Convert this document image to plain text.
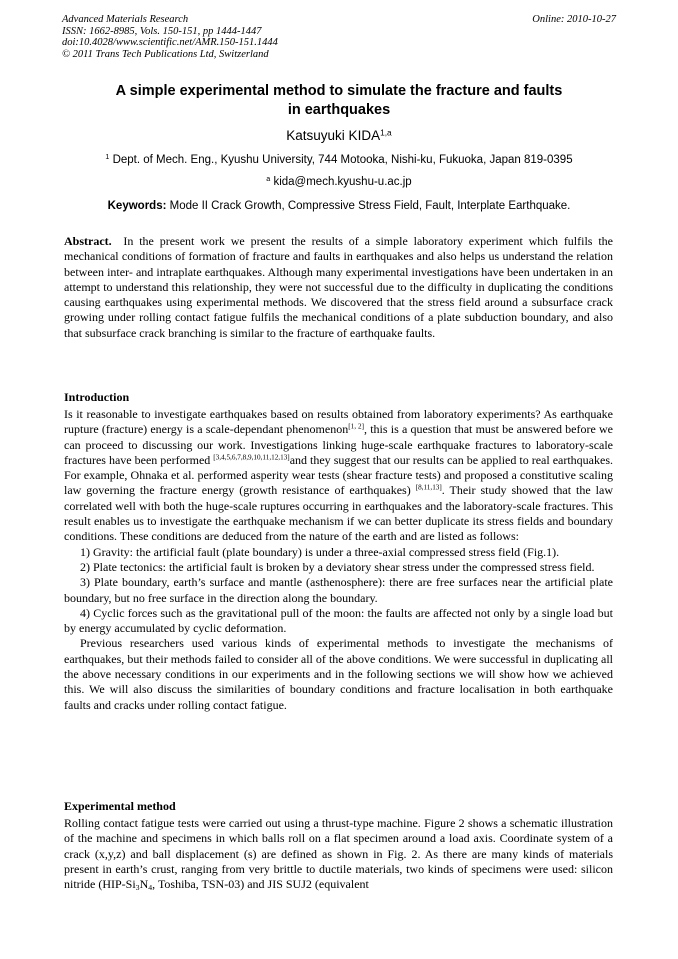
Advanced Materials Research
ISSN: 1662-8985, Vols. 150-151, pp 1444-1447
doi:10.4028/www.scientific.net/AMR.150-151.1444
© 2011 Trans Tech Publications Ltd, Switzerland
Online: 2010-10-27
A simple experimental method to simulate the fracture and faults
in earthquakes
Katsuyuki KIDA$^{1,a}$
$^1$ Dept. of Mech. Eng., Kyushu University, 744 Motooka, Nishi-ku, Fukuoka, Japan 819-0395
$^a$ kida@mech.kyushu-u.ac.jp
Keywords: Mode II Crack Growth, Compressive Stress Field, Fault, Interplate Earthquake.

Abstract. In the present work we present the results of a simple laboratory experiment which fulfils the mechanical conditions of formation of fracture and faults in earthquakes and also helps us understand the relation between inter- and intraplate earthquakes. Although many experimental investigations have been undertaken in an attempt to understand this relationship, they were not successful due to the difficulty in duplicating the conditions causing earthquakes using experimental methods. We discovered that the stress field around a subsurface crack growing under rolling contact fatigue fulfils the mechanical conditions of a plate subduction boundary, and also that subsurface crack branching is similar to the fracture of earthquake faults.

Introduction

Is it reasonable to investigate earthquakes based on results obtained from laboratory experiments? As earthquake rupture (fracture) energy is a scale-dependant phenomenon[1, 2], this is a question that must be answered before we can proceed to discussing our work. Investigations linking huge-scale earthquake fractures to laboratory-scale fractures have been performed [3,4,5,6,7,8,9,10,11,12,13]and they suggest that our results can be applied to real earthquakes. For example, Ohnaka et al. performed asperity wear tests (shear fracture tests) and proposed a constitutive scaling law governing the fracture energy (growth resistance of earthquakes) [8,11,13]. Their study showed that the law correlated well with both the huge-scale ruptures occurring in earthquakes and the laboratory-scale fractures. This result enables us to investigate the earthquake mechanism if we can better duplicate its stress fields and boundary conditions. These conditions are deduced from the nature of the earth and are listed as follows:

1) Gravity: the artificial fault (plate boundary) is under a three-axial compressed stress field (Fig.1).

2) Plate tectonics: the artificial fault is broken by a deviatory shear stress under the compressed stress field.

3) Plate boundary, earth’s surface and mantle (asthenosphere): there are free surfaces near the artificial plate boundary, but no free surface in the direction along the boundary.

4) Cyclic forces such as the gravitational pull of the moon: the faults are affected not only by a single load but by energy accumulated by cyclic deformation.

Previous researchers used various kinds of experimental methods to investigate the mechanisms of earthquakes, but their methods failed to consider all of the above conditions. We were successful in duplicating all the above necessary conditions in our experiments and in the following sections we will show how we achieved this. We will also discuss the similarities of boundary conditions and fracture localisation in both earthquake faults and cracks under rolling contact fatigue.

Experimental method

Rolling contact fatigue tests were carried out using a thrust-type machine. Figure 2 shows a schematic illustration of the machine and specimens in which balls roll on a flat specimen around a load axis. Coordinate system of a crack (x,y,z) and ball displacement (s) are defined as shown in Fig. 2. As there are many kinds of materials present in earth’s crust, ranging from very brittle to ductile materials, two kinds of specimens were used: silicon nitride ($HIP-Si_3N_4$, Toshiba, TSN-03) and JIS SUJ2 (equivalent
